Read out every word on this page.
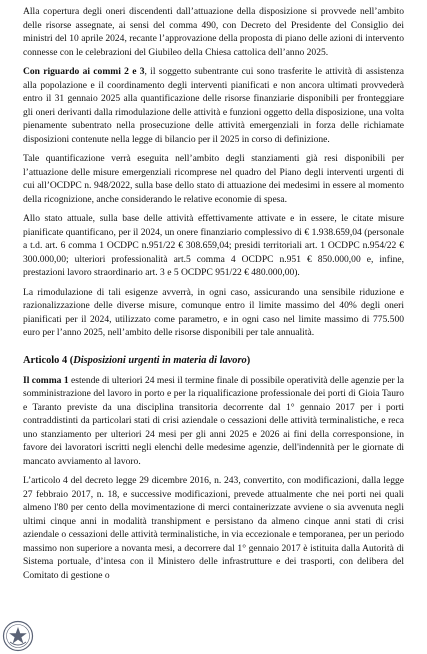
Alla copertura degli oneri discendenti dall’attuazione della disposizione si provvede nell’ambito delle risorse assegnate, ai sensi del comma 490, con Decreto del Presidente del Consiglio dei ministri del 10 aprile 2024, recante l’approvazione della proposta di piano delle azioni di intervento connesse con le celebrazioni del Giubileo della Chiesa cattolica dell’anno 2025.

Con riguardo ai commi 2 e 3, il soggetto subentrante cui sono trasferite le attività di assistenza alla popolazione e il coordinamento degli interventi pianificati e non ancora ultimati provvederà entro il 31 gennaio 2025 alla quantificazione delle risorse finanziarie disponibili per fronteggiare gli oneri derivanti dalla rimodulazione delle attività e funzioni oggetto della disposizione, una volta pienamente subentrato nella prosecuzione delle attività emergenziali in forza delle richiamate disposizioni contenute nella legge di bilancio per il 2025 in corso di definizione.

Tale quantificazione verrà eseguita nell’ambito degli stanziamenti già resi disponibili per l’attuazione delle misure emergenziali ricomprese nel quadro del Piano degli interventi urgenti di cui all’OCDPC n. 948/2022, sulla base dello stato di attuazione dei medesimi in essere al momento della ricognizione, anche considerando le relative economie di spesa.

Allo stato attuale, sulla base delle attività effettivamente attivate e in essere, le citate misure pianificate quantificano, per il 2024, un onere finanziario complessivo di € 1.938.659,04 (personale a t.d. art. 6 comma 1 OCDPC n.951/22 € 308.659,04; presidi territoriali art. 1 OCDPC n.954/22 € 300.000,00; ulteriori professionalità art.5 comma 4 OCDPC n.951 € 850.000,00 e, infine, prestazioni lavoro straordinario art. 3 e 5 OCDPC 951/22 € 480.000,00).

La rimodulazione di tali esigenze avverrà, in ogni caso, assicurando una sensibile riduzione e razionalizzazione delle diverse misure, comunque entro il limite massimo del 40% degli oneri pianificati per il 2024, utilizzato come parametro, e in ogni caso nel limite massimo di 775.500 euro per l’anno 2025, nell’ambito delle risorse disponibili per tale annualità.

Articolo 4 (Disposizioni urgenti in materia di lavoro)

Il comma 1 estende di ulteriori 24 mesi il termine finale di possibile operatività delle agenzie per la somministrazione del lavoro in porto e per la riqualificazione professionale dei porti di Gioia Tauro e Taranto previste da una disciplina transitoria decorrente dal 1° gennaio 2017 per i porti contraddistinti da particolari stati di crisi aziendale o cessazioni delle attività terminalistiche, e reca uno stanziamento per ulteriori 24 mesi per gli anni 2025 e 2026 ai fini della corresponsione, in favore dei lavoratori iscritti negli elenchi delle medesime agenzie, dell'indennità per le giornate di mancato avviamento al lavoro.

L’articolo 4 del decreto legge 29 dicembre 2016, n. 243, convertito, con modificazioni, dalla legge 27 febbraio 2017, n. 18, e successive modificazioni, prevede attualmente che nei porti nei quali almeno l'80 per cento della movimentazione di merci containerizzate avviene o sia avvenuta negli ultimi cinque anni in modalità transhipment e persistano da almeno cinque anni stati di crisi aziendale o cessazioni delle attività terminalistiche, in via eccezionale e temporanea, per un periodo massimo non superiore a novanta mesi, a decorrere dal 1° gennaio 2017 è istituita dalla Autorità di Sistema portuale, d’intesa con il Ministero delle infrastrutture e dei trasporti, con delibera del Comitato di gestione o
